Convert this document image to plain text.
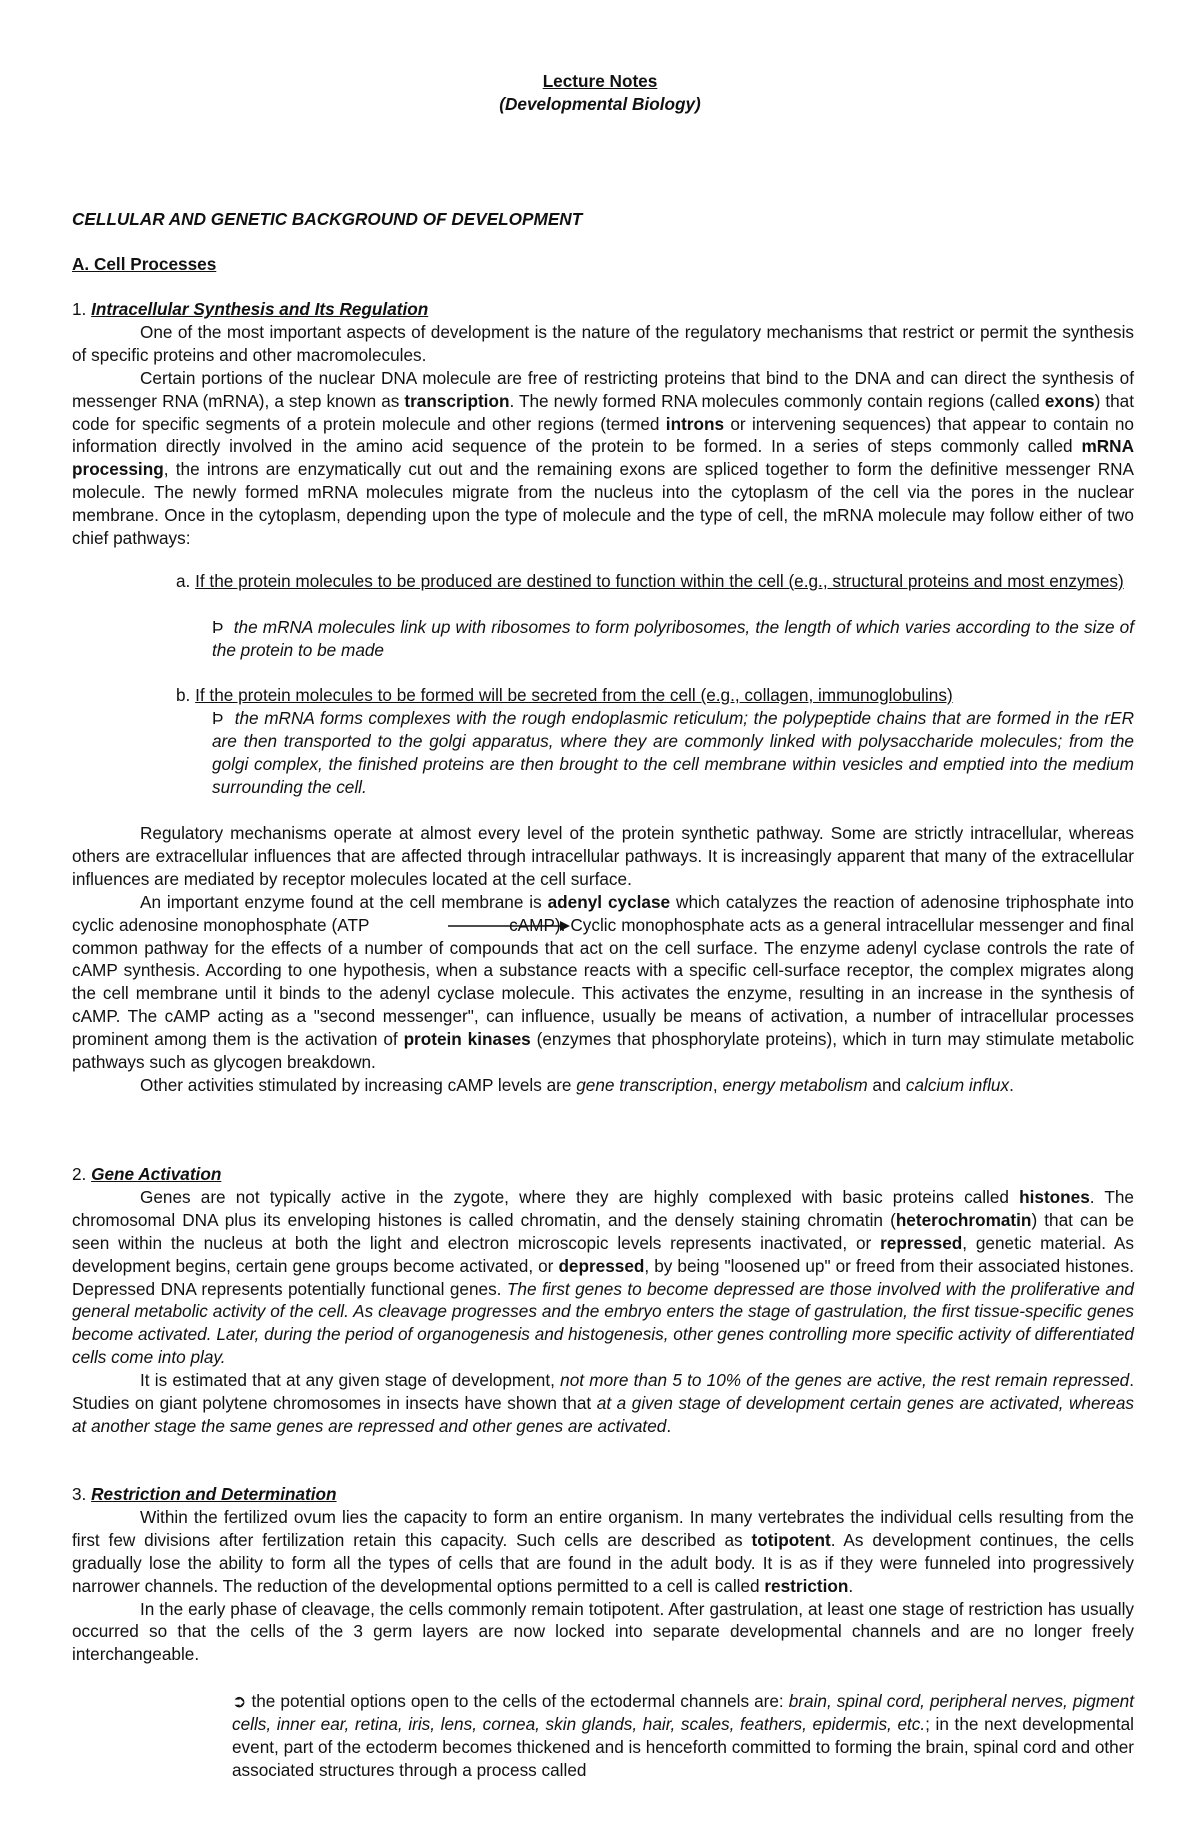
Lecture Notes
(Developmental Biology)
CELLULAR AND GENETIC BACKGROUND OF DEVELOPMENT
A. Cell Processes

1. Intracellular Synthesis and Its Regulation

One of the most important aspects of development is the nature of the regulatory mechanisms that restrict or permit the synthesis of specific proteins and other macromolecules.

Certain portions of the nuclear DNA molecule are free of restricting proteins that bind to the DNA and can direct the synthesis of messenger RNA (mRNA), a step known as transcription. The newly formed RNA molecules commonly contain regions (called exons) that code for specific segments of a protein molecule and other regions (termed introns or intervening sequences) that appear to contain no information directly involved in the amino acid sequence of the protein to be formed. In a series of steps commonly called mRNA processing, the introns are enzymatically cut out and the remaining exons are spliced together to form the definitive messenger RNA molecule. The newly formed mRNA molecules migrate from the nucleus into the cytoplasm of the cell via the pores in the nuclear membrane. Once in the cytoplasm, depending upon the type of molecule and the type of cell, the mRNA molecule may follow either of two chief pathways:

a. If the protein molecules to be produced are destined to function within the cell (e.g., structural proteins and most enzymes)

Þ the mRNA molecules link up with ribosomes to form polyribosomes, the length of which varies according to the size of the protein to be made

b. If the protein molecules to be formed will be secreted from the cell (e.g., collagen, immunoglobulins)

Þ the mRNA forms complexes with the rough endoplasmic reticulum; the polypeptide chains that are formed in the rER are then transported to the golgi apparatus, where they are commonly linked with polysaccharide molecules; from the golgi complex, the finished proteins are then brought to the cell membrane within vesicles and emptied into the medium surrounding the cell.

Regulatory mechanisms operate at almost every level of the protein synthetic pathway. Some are strictly intracellular, whereas others are extracellular influences that are affected through intracellular pathways. It is increasingly apparent that many of the extracellular influences are mediated by receptor molecules located at the cell surface.

An important enzyme found at the cell membrane is adenyl cyclase which catalyzes the reaction of adenosine triphosphate into cyclic adenosine monophosphate (ATP	cAMP). Cyclic monophosphate acts as a general intracellular messenger and final common pathway for the effects of a number of compounds that act on the cell surface. The enzyme adenyl cyclase controls the rate of cAMP synthesis. According to one hypothesis, when a substance reacts with a specific cell-surface receptor, the complex migrates along the cell membrane until it binds to the adenyl cyclase molecule. This activates the enzyme, resulting in an increase in the synthesis of cAMP. The cAMP acting as a "second messenger", can influence, usually be means of activation, a number of intracellular processes prominent among them is the activation of protein kinases (enzymes that phosphorylate proteins), which in turn may stimulate metabolic pathways such as glycogen breakdown.

Other activities stimulated by increasing cAMP levels are gene transcription, energy metabolism and calcium influx.

2. Gene Activation

Genes are not typically active in the zygote, where they are highly complexed with basic proteins called histones. The chromosomal DNA plus its enveloping histones is called chromatin, and the densely staining chromatin (heterochromatin) that can be seen within the nucleus at both the light and electron microscopic levels represents inactivated, or repressed, genetic material. As development begins, certain gene groups become activated, or depressed, by being "loosened up" or freed from their associated histones. Depressed DNA represents potentially functional genes. The first genes to become depressed are those involved with the proliferative and general metabolic activity of the cell. As cleavage progresses and the embryo enters the stage of gastrulation, the first tissue-specific genes become activated. Later, during the period of organogenesis and histogenesis, other genes controlling more specific activity of differentiated cells come into play.

It is estimated that at any given stage of development, not more than 5 to 10% of the genes are active, the rest remain repressed. Studies on giant polytene chromosomes in insects have shown that at a given stage of development certain genes are activated, whereas at another stage the same genes are repressed and other genes are activated.

3. Restriction and Determination

Within the fertilized ovum lies the capacity to form an entire organism. In many vertebrates the individual cells resulting from the first few divisions after fertilization retain this capacity. Such cells are described as totipotent. As development continues, the cells gradually lose the ability to form all the types of cells that are found in the adult body. It is as if they were funneled into progressively narrower channels. The reduction of the developmental options permitted to a cell is called restriction.

In the early phase of cleavage, the cells commonly remain totipotent. After gastrulation, at least one stage of restriction has usually occurred so that the cells of the 3 germ layers are now locked into separate developmental channels and are no longer freely interchangeable.

➲ the potential options open to the cells of the ectodermal channels are: brain, spinal cord, peripheral nerves, pigment cells, inner ear, retina, iris, lens, cornea, skin glands, hair, scales, feathers, epidermis, etc.; in the next developmental event, part of the ectoderm becomes thickened and is henceforth committed to forming the brain, spinal cord and other associated structures through a process called
